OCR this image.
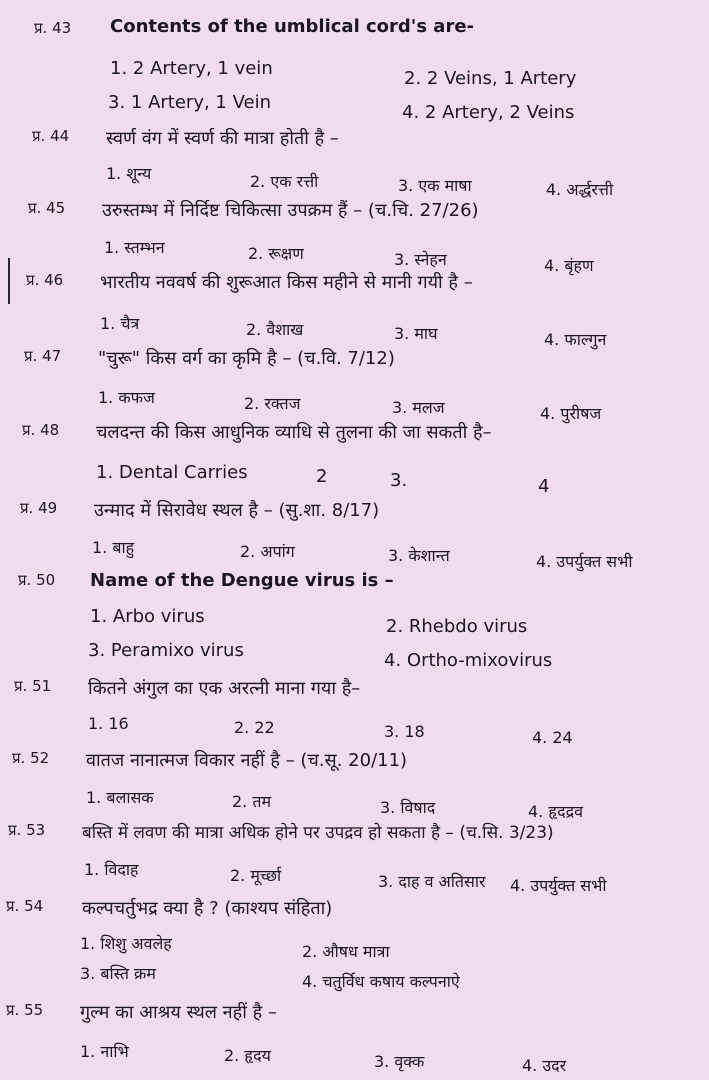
प्र. 43 Contents of the umblical cord's are-
1. 2 Artery, 1 vein	2. 2 Veins, 1 Artery
3. 1 Artery, 1 Vein	4. 2 Artery, 2 Veins
प्र. 44 स्वर्ण वंग में स्वर्ण की मात्रा होती है –
1. शून्य	2. एक रत्ती	3. एक माषा	4. अर्द्धरत्ती
प्र. 45 उरुस्तम्भ में निर्दिष्ट चिकित्सा उपक्रम हैं – (च.चि. 27/26)
1. स्तम्भन	2. रूक्षण	3. स्नेहन	4. बृंहण
प्र. 46 भारतीय नववर्ष की शुरूआत किस महीने से मानी गयी है –
1. चैत्र	2. वैशाख	3. माघ	4. फाल्गुन
प्र. 47 "चुरू" किस वर्ग का कृमि है – (च.वि. 7/12)
1. कफज	2. रक्तज	3. मलज	4. पुरीषज
प्र. 48 चलदन्त की किस आधुनिक व्याधि से तुलना की जा सकती है–
1. Dental Carries	2	3.	4
प्र. 49 उन्माद में सिरावेध स्थल है – (सु.शा. 8/17)
1. बाहु	2. अपांग	3. केशान्त	4. उपर्युक्त सभी
प्र. 50 Name of the Dengue virus is –
1. Arbo virus	2. Rhebdo virus
3. Peramixo virus	4. Ortho-mixovirus
प्र. 51 कितने अंगुल का एक अरत्नी माना गया है–
1. 16	2. 22	3. 18	4. 24
प्र. 52 वातज नानात्मज विकार नहीं है – (च.सू. 20/11)
1. बलासक	2. तम	3. विषाद	4. हृदद्रव
प्र. 53 बस्ति में लवण की मात्रा अधिक होने पर उपद्रव हो सकता है – (च.सि. 3/23)
1. विदाह	2. मूर्च्छा	3. दाह व अतिसार 4. उपर्युक्त सभी
प्र. 54 कल्पचर्तुभद्र क्या है ? (काश्यप संहिता)
1. शिशु अवलेह	2. औषध मात्रा
3. बस्ति क्रम	4. चतुर्विध कषाय कल्पनाऐ
प्र. 55 गुल्म का आश्रय स्थल नहीं है –
1. नाभि	2. हृदय	3. वृक्क	4. उदर
